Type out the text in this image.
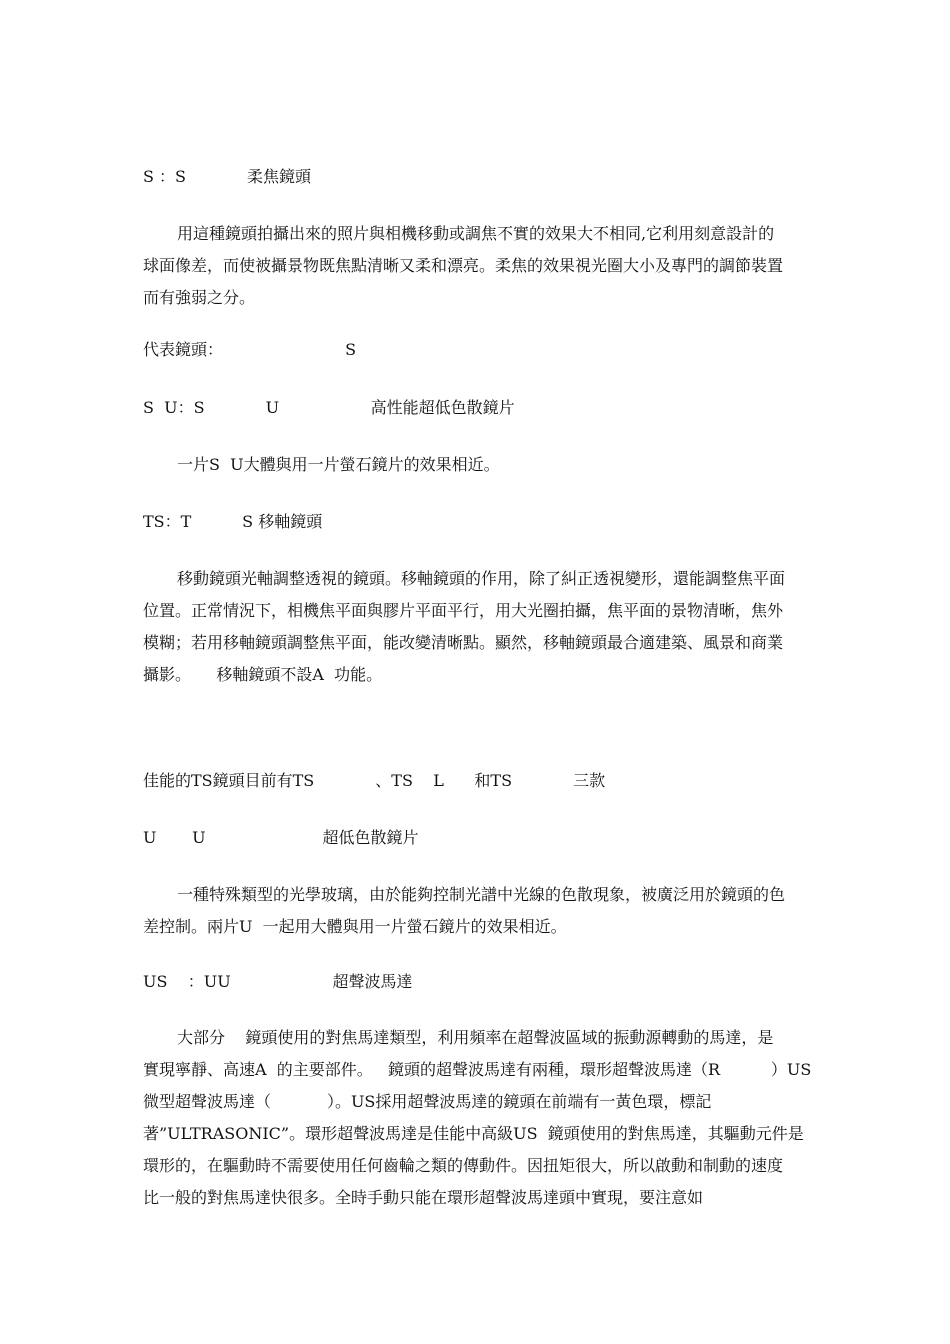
S ：S            柔焦鏡頭
用這種鏡頭拍攝出來的照片與相機移動或調焦不實的效果大不相同,它利用刻意設計的
球面像差，而使被攝景物既焦點清晰又柔和漂亮。柔焦的效果視光圈大小及專門的調節裝置
而有強弱之分。
代表鏡頭：                        S
S  U：S            U                  高性能超低色散鏡片
一片S  U大體與用一片螢石鏡片的效果相近。
TS：T          S 移軸鏡頭
移動鏡頭光軸調整透視的鏡頭。移軸鏡頭的作用，除了糾正透視變形，還能調整焦平面
位置。正常情況下，相機焦平面與膠片平面平行，用大光圈拍攝，焦平面的景物清晰，焦外
模糊；若用移軸鏡頭調整焦平面，能改變清晰點。顯然，移軸鏡頭最合適建築、風景和商業
攝影。     移軸鏡頭不設A  功能。
佳能的TS鏡頭目前有TS            、TS    L      和TS            三款
U       U                       超低色散鏡片
一種特殊類型的光學玻璃，由於能夠控制光譜中光線的色散現象，被廣泛用於鏡頭的色
差控制。兩片U  一起用大體與用一片螢石鏡片的效果相近。
US    ：UU                    超聲波馬達
大部分    鏡頭使用的對焦馬達類型，利用頻率在超聲波區域的振動源轉動的馬達，是
實現寧靜、高速A  的主要部件。   鏡頭的超聲波馬達有兩種，環形超聲波馬達（R          ）US
微型超聲波馬達（           ）。US採用超聲波馬達的鏡頭在前端有一黃色環，標記
著”ULTRASONIC”。環形超聲波馬達是佳能中高級US  鏡頭使用的對焦馬達，其驅動元件是
環形的，在驅動時不需要使用任何齒輪之類的傳動件。因扭矩很大，所以啟動和制動的速度
比一般的對焦馬達快很多。全時手動只能在環形超聲波馬達頭中實現，要注意如
